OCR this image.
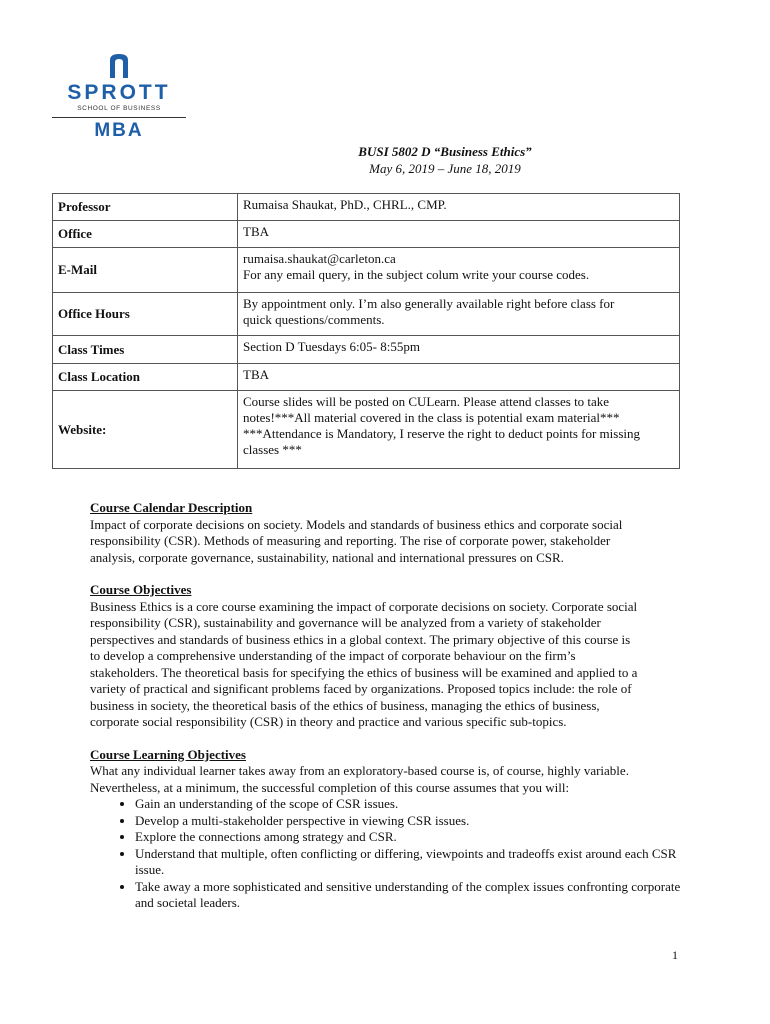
SPROTT
SCHOOL OF BUSINESS
MBA
BUSI 5802 D “Business Ethics”
May 6, 2019 – June 18, 2019
Professor	Rumaisa Shaukat, PhD., CHRL., CMP.

Office	TBA

E-Mail	rumaisa.shaukat@carleton.ca
For any email query, in the subject colum write your course codes.

Office Hours	By appointment only. I’m also generally available right before class for
quick questions/comments.

Class Times	Section D Tuesdays 6:05- 8:55pm

Class Location	TBA

Website:	Course slides will be posted on CULearn. Please attend classes to take
notes!***All material covered in the class is potential exam material***
***Attendance is Mandatory, I reserve the right to deduct points for missing
classes ***
Course Calendar Description

Impact of corporate decisions on society. Models and standards of business ethics and corporate social

responsibility (CSR). Methods of measuring and reporting. The rise of corporate power, stakeholder

analysis, corporate governance, sustainability, national and international pressures on CSR.

Course Objectives

Business Ethics is a core course examining the impact of corporate decisions on society. Corporate social

responsibility (CSR), sustainability and governance will be analyzed from a variety of stakeholder

perspectives and standards of business ethics in a global context. The primary objective of this course is

to develop a comprehensive understanding of the impact of corporate behaviour on the firm’s

stakeholders. The theoretical basis for specifying the ethics of business will be examined and applied to a

variety of practical and significant problems faced by organizations. Proposed topics include: the role of

business in society, the theoretical basis of the ethics of business, managing the ethics of business,

corporate social responsibility (CSR) in theory and practice and various specific sub-topics.

Course Learning Objectives

What any individual learner takes away from an exploratory-based course is, of course, highly variable.

Nevertheless, at a minimum, the successful completion of this course assumes that you will:

• Gain an understanding of the scope of CSR issues.
• Develop a multi-stakeholder perspective in viewing CSR issues.
• Explore the connections among strategy and CSR.
• Understand that multiple, often conflicting or differing, viewpoints and tradeoffs exist around each CSR issue.
• Take away a more sophisticated and sensitive understanding of the complex issues confronting corporate and societal leaders.
1
